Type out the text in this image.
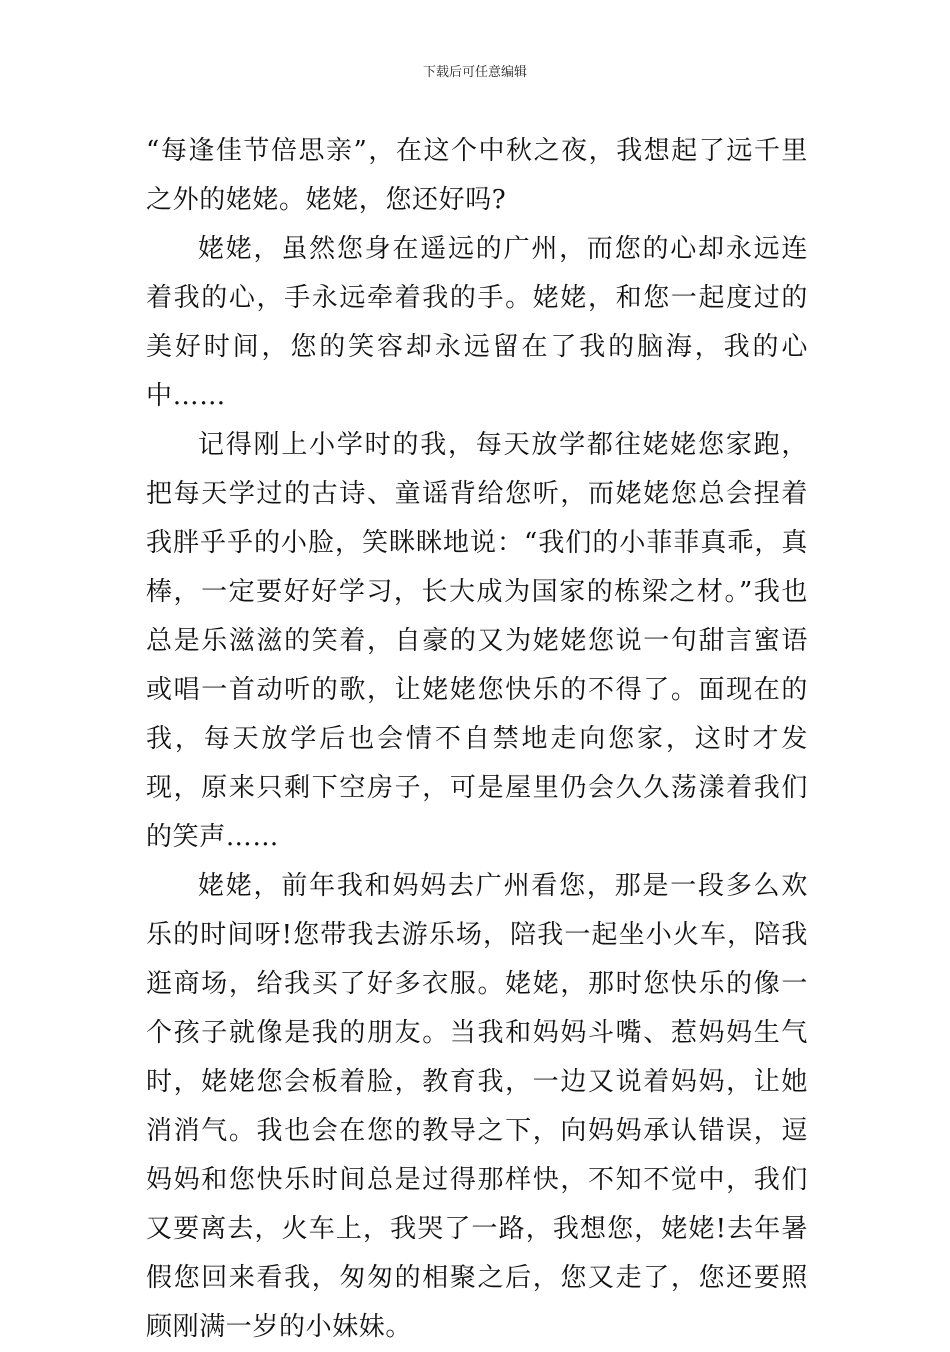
下载后可任意编辑

“每逢佳节倍思亲”，在这个中秋之夜，我想起了远千里之外的姥姥。姥姥，您还好吗?

姥姥，虽然您身在遥远的广州，而您的心却永远连着我的心，手永远牵着我的手。姥姥，和您一起度过的美好时间，您的笑容却永远留在了我的脑海，我的心中……

记得刚上小学时的我，每天放学都往姥姥您家跑，把每天学过的古诗、童谣背给您听，而姥姥您总会捏着我胖乎乎的小脸，笑眯眯地说：“我们的小菲菲真乖，真棒，一定要好好学习，长大成为国家的栋梁之材。”我也总是乐滋滋的笑着，自豪的又为姥姥您说一句甜言蜜语或唱一首动听的歌，让姥姥您快乐的不得了。面现在的我，每天放学后也会情不自禁地走向您家，这时才发现，原来只剩下空房子，可是屋里仍会久久荡漾着我们的笑声……

姥姥，前年我和妈妈去广州看您，那是一段多么欢乐的时间呀!您带我去游乐场，陪我一起坐小火车，陪我逛商场，给我买了好多衣服。姥姥，那时您快乐的像一个孩子就像是我的朋友。当我和妈妈斗嘴、惹妈妈生气时，姥姥您会板着脸，教育我，一边又说着妈妈，让她消消气。我也会在您的教导之下，向妈妈承认错误，逗妈妈和您快乐时间总是过得那样快，不知不觉中，我们又要离去，火车上，我哭了一路，我想您，姥姥!去年暑假您回来看我，匆匆的相聚之后，您又走了，您还要照顾刚满一岁的小妹妹。
